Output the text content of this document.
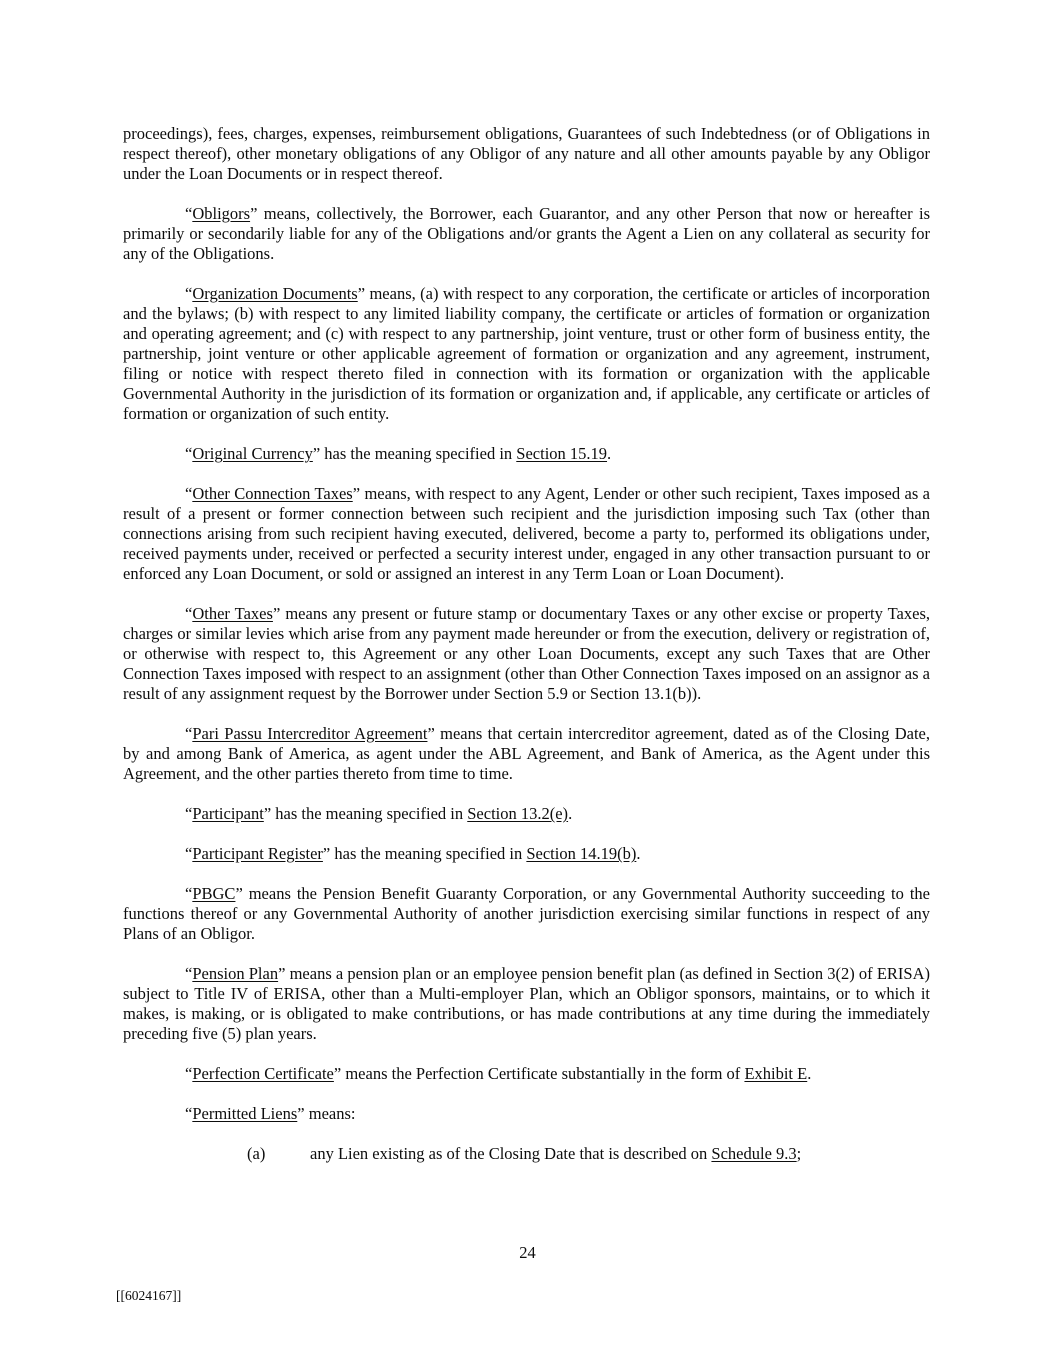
proceedings), fees, charges, expenses, reimbursement obligations, Guarantees of such Indebtedness (or of Obligations in respect thereof), other monetary obligations of any Obligor of any nature and all other amounts payable by any Obligor under the Loan Documents or in respect thereof.

“Obligors” means, collectively, the Borrower, each Guarantor, and any other Person that now or hereafter is primarily or secondarily liable for any of the Obligations and/or grants the Agent a Lien on any collateral as security for any of the Obligations.

“Organization Documents” means, (a) with respect to any corporation, the certificate or articles of incorporation and the bylaws; (b) with respect to any limited liability company, the certificate or articles of formation or organization and operating agreement; and (c) with respect to any partnership, joint venture, trust or other form of business entity, the partnership, joint venture or other applicable agreement of formation or organization and any agreement, instrument, filing or notice with respect thereto filed in connection with its formation or organization with the applicable Governmental Authority in the jurisdiction of its formation or organization and, if applicable, any certificate or articles of formation or organization of such entity.

“Original Currency” has the meaning specified in Section 15.19.

“Other Connection Taxes” means, with respect to any Agent, Lender or other such recipient, Taxes imposed as a result of a present or former connection between such recipient and the jurisdiction imposing such Tax (other than connections arising from such recipient having executed, delivered, become a party to, performed its obligations under, received payments under, received or perfected a security interest under, engaged in any other transaction pursuant to or enforced any Loan Document, or sold or assigned an interest in any Term Loan or Loan Document).

“Other Taxes” means any present or future stamp or documentary Taxes or any other excise or property Taxes, charges or similar levies which arise from any payment made hereunder or from the execution, delivery or registration of, or otherwise with respect to, this Agreement or any other Loan Documents, except any such Taxes that are Other Connection Taxes imposed with respect to an assignment (other than Other Connection Taxes imposed on an assignor as a result of any assignment request by the Borrower under Section 5.9 or Section 13.1(b)).

“Pari Passu Intercreditor Agreement” means that certain intercreditor agreement, dated as of the Closing Date, by and among Bank of America, as agent under the ABL Agreement, and Bank of America, as the Agent under this Agreement, and the other parties thereto from time to time.

“Participant” has the meaning specified in Section 13.2(e).

“Participant Register” has the meaning specified in Section 14.19(b).

“PBGC” means the Pension Benefit Guaranty Corporation, or any Governmental Authority succeeding to the functions thereof or any Governmental Authority of another jurisdiction exercising similar functions in respect of any Plans of an Obligor.

“Pension Plan” means a pension plan or an employee pension benefit plan (as defined in Section 3(2) of ERISA) subject to Title IV of ERISA, other than a Multi-employer Plan, which an Obligor sponsors, maintains, or to which it makes, is making, or is obligated to make contributions, or has made contributions at any time during the immediately preceding five (5) plan years.

“Perfection Certificate” means the Perfection Certificate substantially in the form of Exhibit E.

“Permitted Liens” means:

(a)	any Lien existing as of the Closing Date that is described on Schedule 9.3;

24
[[6024167]]
